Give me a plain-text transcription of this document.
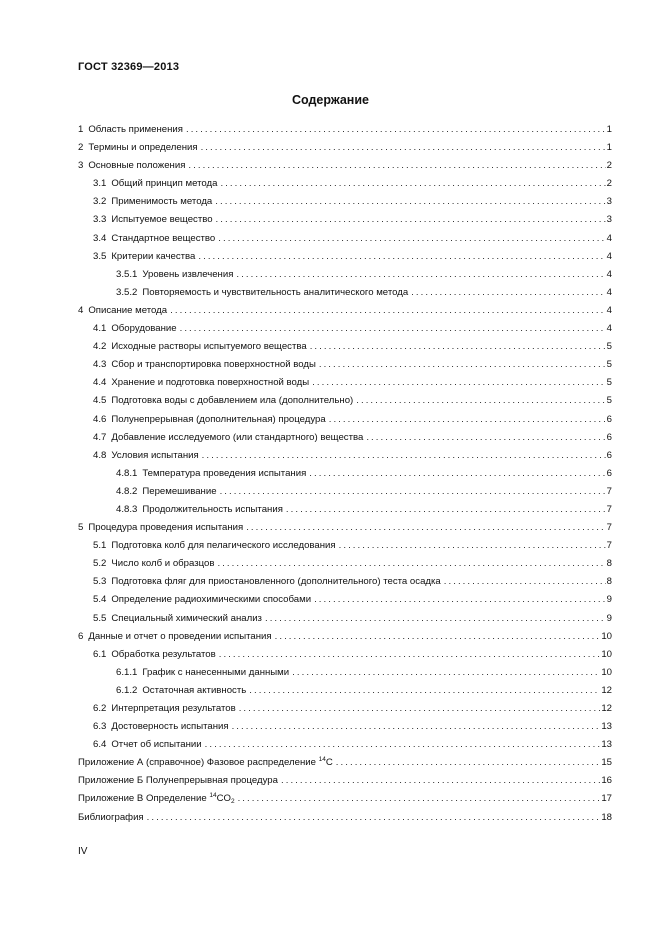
ГОСТ 32369—2013
Содержание
1 Область применения . . .	1
2 Термины и определения . . .	1
3 Основные положения . . .	2
3.1 Общий принцип метода . . .	2
3.2 Применимость метода . . .	3
3.3 Испытуемое вещество . . .	3
3.4 Стандартное вещество . . .	4
3.5 Критерии качества . . .	4
3.5.1 Уровень извлечения . . .	4
3.5.2 Повторяемость и чувствительность аналитического метода . . .	4
4 Описание метода . . .	4
4.1 Оборудование . . .	4
4.2 Исходные растворы испытуемого вещества . . .	5
4.3 Сбор и транспортировка поверхностной воды . . .	5
4.4 Хранение и подготовка поверхностной воды . . .	5
4.5 Подготовка воды с добавлением ила (дополнительно) . . .	5
4.6 Полунепрерывная (дополнительная) процедура . . .	6
4.7 Добавление исследуемого (или стандартного) вещества . . .	6
4.8 Условия испытания . . .	6
4.8.1 Температура проведения испытания . . .	6
4.8.2 Перемешивание . . .	7
4.8.3 Продолжительность испытания . . .	7
5 Процедура проведения испытания . . .	7
5.1 Подготовка колб для пелагического исследования . . .	7
5.2 Число колб и образцов . . .	8
5.3 Подготовка фляг для приостановленного (дополнительного) теста осадка . . .	8
5.4 Определение радиохимическими способами . . .	9
5.5 Специальный химический анализ . . .	9
6 Данные и отчет о проведении испытания . . .	10
6.1 Обработка результатов . . .	10
6.1.1 График с нанесенными данными . . .	10
6.1.2 Остаточная активность . . .	12
6.2 Интерпретация результатов . . .	12
6.3 Достоверность испытания . . .	13
6.4 Отчет об испытании . . .	13
Приложение А (справочное) Фазовое распределение $^{14}$C . . .	15
Приложение Б Полунепрерывная процедура . . .	16
Приложение В Определение $^{14}CO_2$ . . .	17
Библиография . . .	18
IV
